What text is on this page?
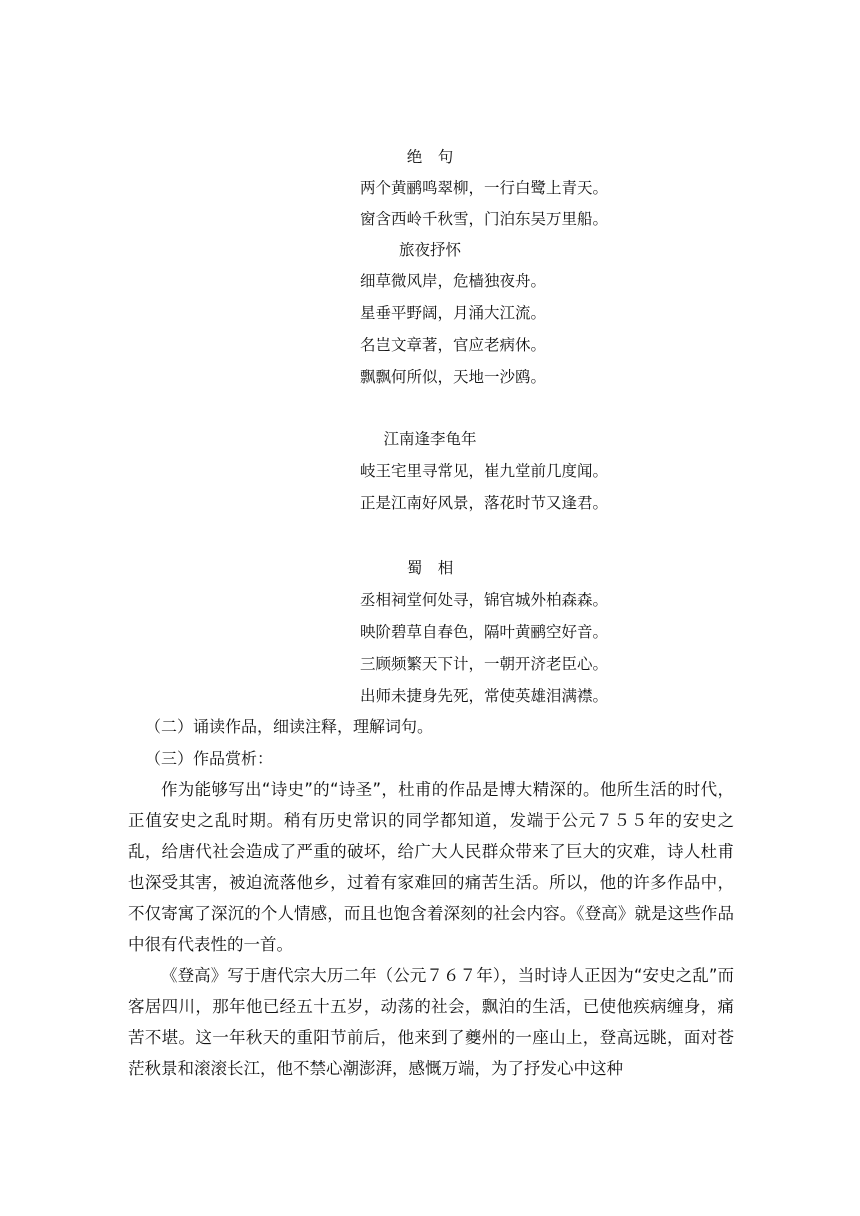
绝　句
两个黄鹂鸣翠柳，一行白鹭上青天。
窗含西岭千秋雪，门泊东吴万里船。
旅夜抒怀
细草微风岸，危樯独夜舟。
星垂平野阔，月涌大江流。
名岂文章著，官应老病休。
飘飘何所似，天地一沙鸥。
江南逢李龟年
岐王宅里寻常见，崔九堂前几度闻。
正是江南好风景，落花时节又逢君。
蜀　相
丞相祠堂何处寻，锦官城外柏森森。
映阶碧草自春色，隔叶黄鹂空好音。
三顾频繁天下计，一朝开济老臣心。
出师未捷身先死，常使英雄泪满襟。
（二）诵读作品，细读注释，理解词句。
（三）作品赏析：
作为能够写出“诗史”的“诗圣”，杜甫的作品是博大精深的。他所生活的时代，正值安史之乱时期。稍有历史常识的同学都知道，发端于公元７５５年的安史之乱，给唐代社会造成了严重的破坏，给广大人民群众带来了巨大的灾难，诗人杜甫也深受其害，被迫流落他乡，过着有家难回的痛苦生活。所以，他的许多作品中，不仅寄寓了深沉的个人情感，而且也饱含着深刻的社会内容。《登高》就是这些作品中很有代表性的一首。
《登高》写于唐代宗大历二年（公元７６７年），当时诗人正因为“安史之乱”而客居四川，那年他已经五十五岁，动荡的社会，飘泊的生活，已使他疾病缠身，痛苦不堪。这一年秋天的重阳节前后，他来到了夔州的一座山上，登高远眺，面对苍茫秋景和滚滚长江，他不禁心潮澎湃，感慨万端，为了抒发心中这种
